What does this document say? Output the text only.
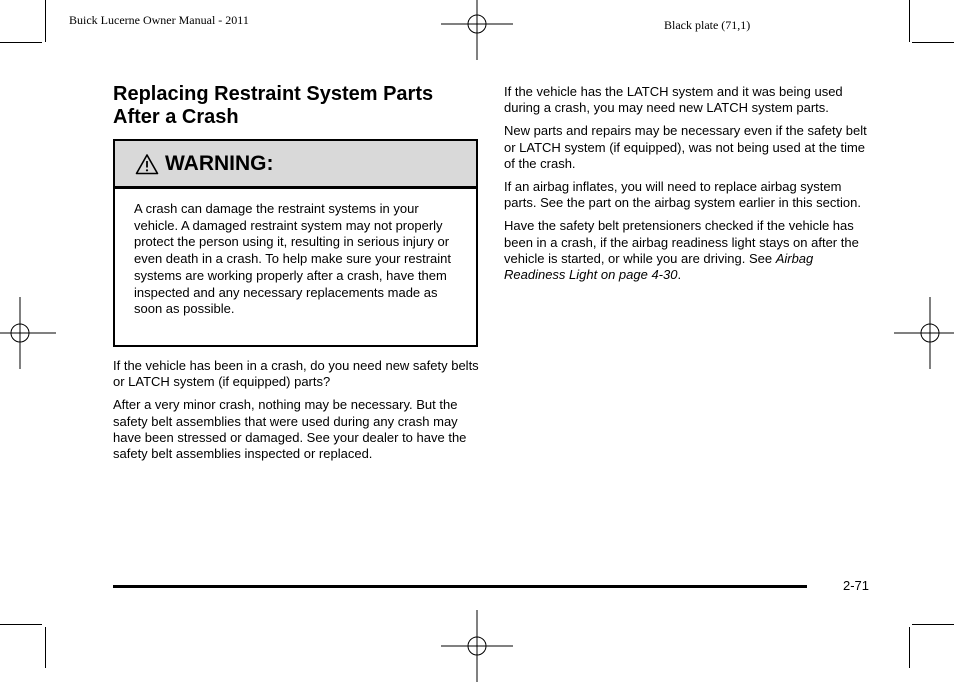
Buick Lucerne Owner Manual - 2011	Black plate (71,1)
Replacing Restraint System Parts After a Crash
WARNING:

A crash can damage the restraint systems in your vehicle. A damaged restraint system may not properly protect the person using it, resulting in serious injury or even death in a crash. To help make sure your restraint systems are working properly after a crash, have them inspected and any necessary replacements made as soon as possible.

If the vehicle has been in a crash, do you need new safety belts or LATCH system (if equipped) parts?

After a very minor crash, nothing may be necessary. But the safety belt assemblies that were used during any crash may have been stressed or damaged. See your dealer to have the safety belt assemblies inspected or replaced.

If the vehicle has the LATCH system and it was being used during a crash, you may need new LATCH system parts.

New parts and repairs may be necessary even if the safety belt or LATCH system (if equipped), was not being used at the time of the crash.

If an airbag inflates, you will need to replace airbag system parts. See the part on the airbag system earlier in this section.

Have the safety belt pretensioners checked if the vehicle has been in a crash, if the airbag readiness light stays on after the vehicle is started, or while you are driving. See Airbag Readiness Light on page 4-30.

2-71
